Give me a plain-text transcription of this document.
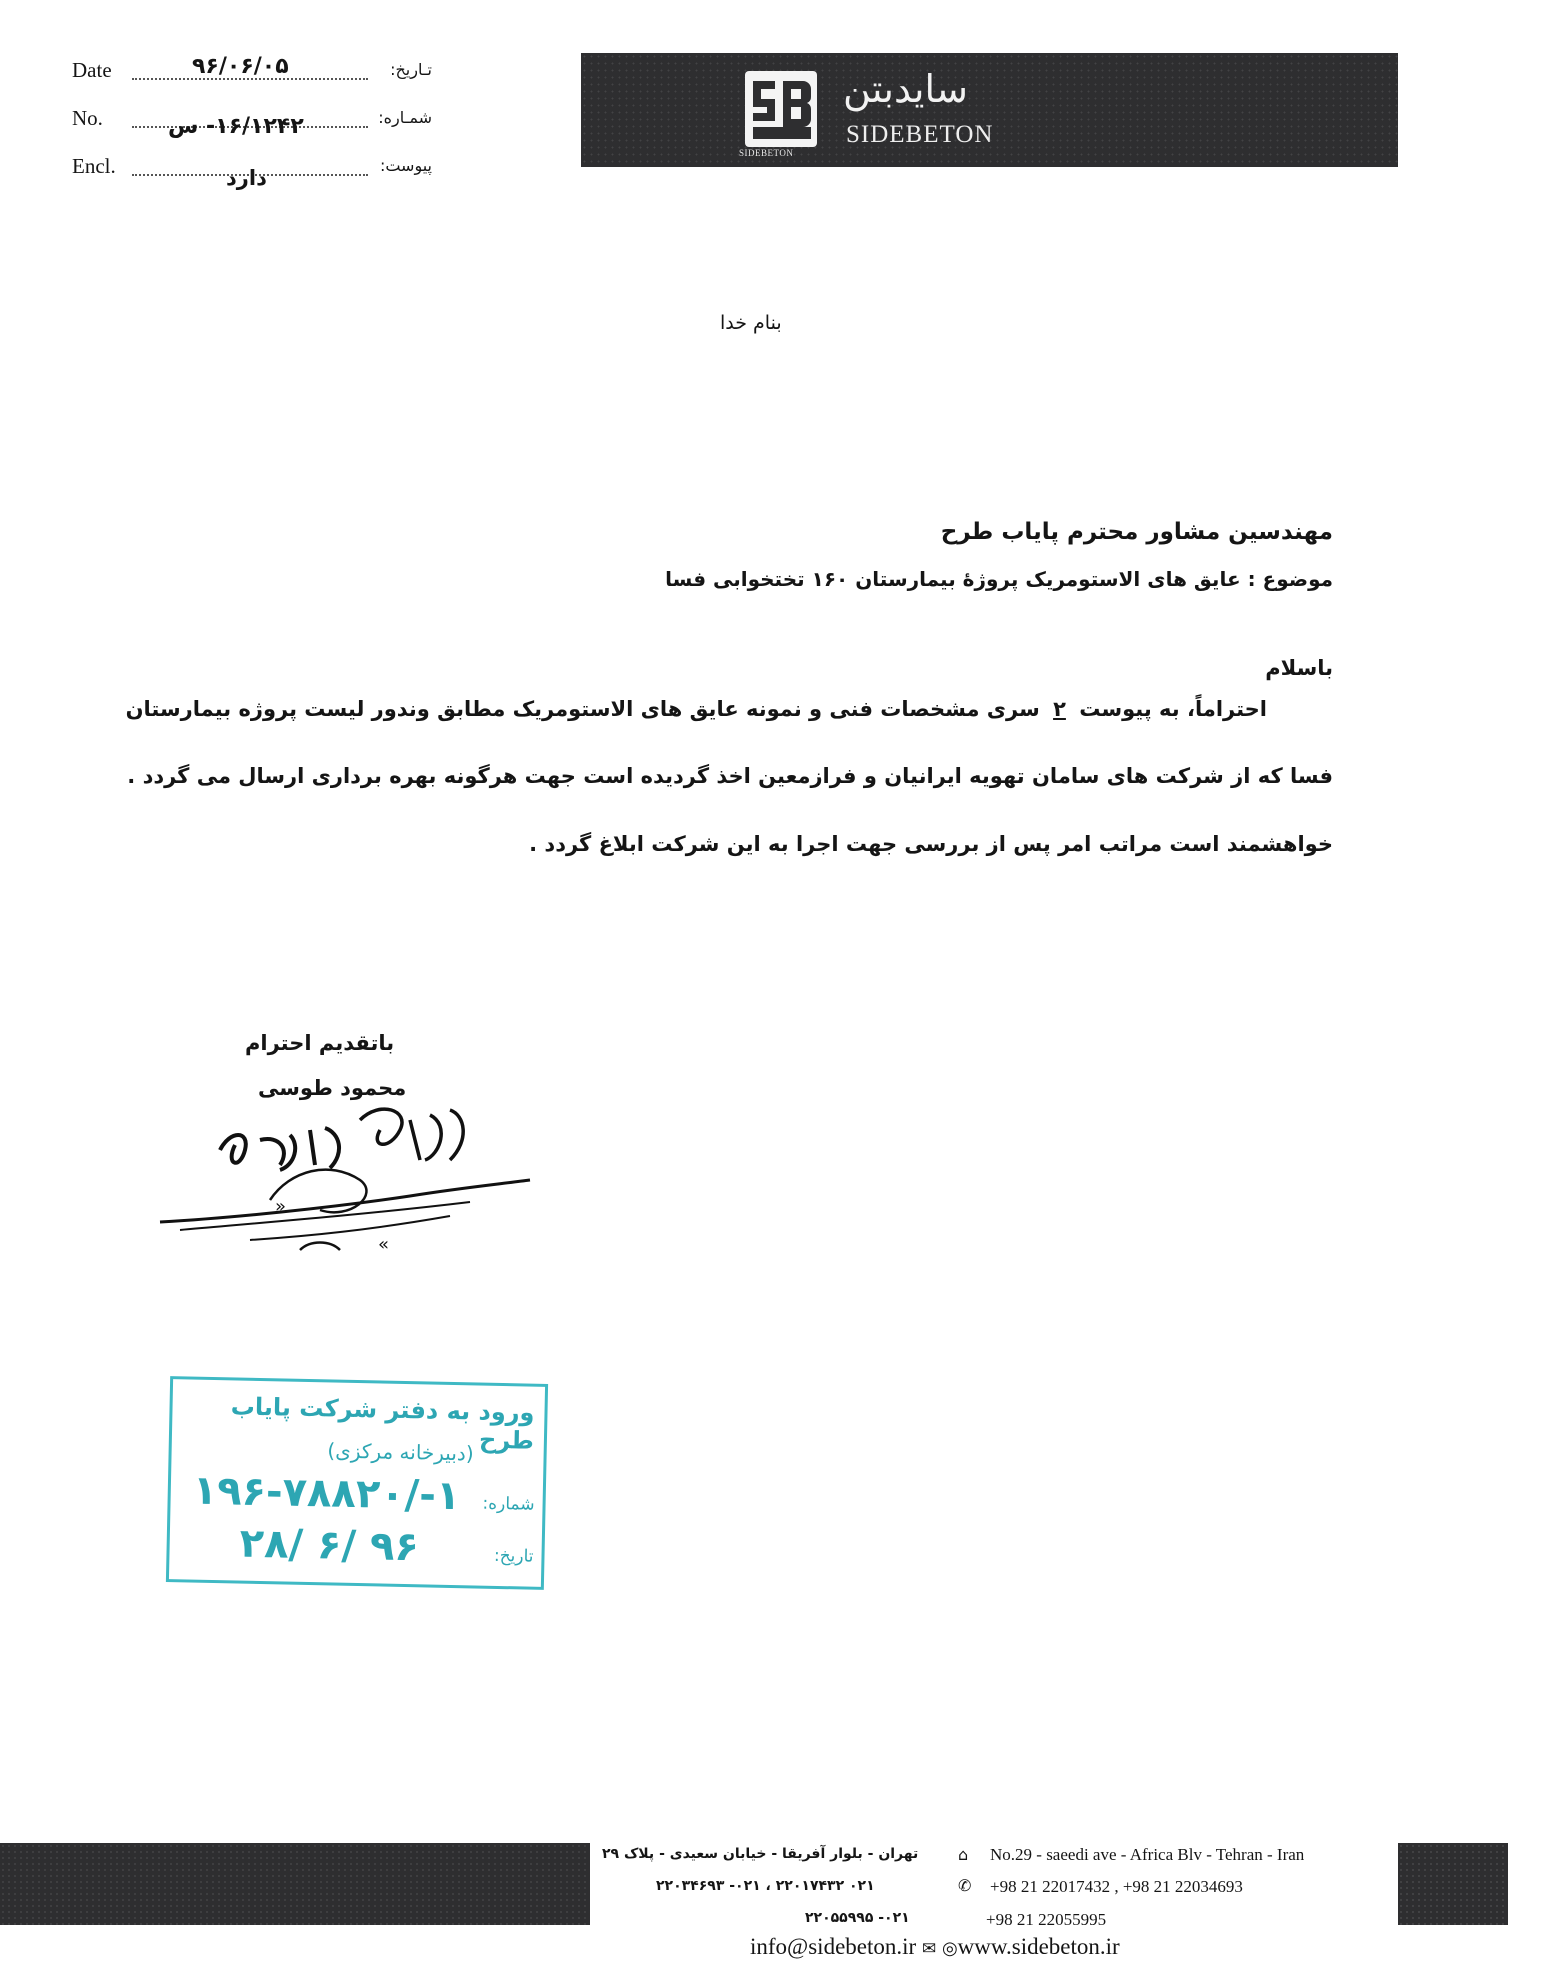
Date	تـاریخ:
۹۶/۰۶/۰۵
No.	شمـاره:
۱۶/۱۲۴۲- س
Encl.	پیوست:
دارد
SIDEBETON
سایدبتن
SIDEBETON
بنام خدا
مهندسین مشاور محترم پایاب طرح
موضوع : عایق های الاستومریک پروژۀ بیمارستان ۱۶۰ تختخوابی فسا
باسلام
احتراماً، به پیوست ۲ سری مشخصات فنی و نمونه عایق های الاستومریک مطابق وندور لیست پروژه بیمارستان
فسا که از شرکت های سامان تهویه ایرانیان و فرازمعین اخذ گردیده است جهت هرگونه بهره برداری ارسال می گردد .
خواهشمند است مراتب امر پس از بررسی جهت اجرا به این شرکت ابلاغ گردد .
باتقدیم احترام
محمود طوسی
«
»
ورود به دفتر شرکت پایاب طرح
(دبیرخانه مرکزی)
۱-/۱۹۶-۷۸۸۲۰ شماره:
۹۶ /۶ /۲۸	تاریخ:
تهران - بلوار آفریقا - خیابان سعیدی - پلاک ۲۹ ⌂ No.29 - saeedi ave - Africa Blv - Tehran - Iran
۰۲۱ ۲۲۰۱۷۴۳۲ ، ۰۲۱- ۲۲۰۳۴۶۹۳	✆ +98 21 22017432 , +98 21 22034693
۰۲۱- ۲۲۰۵۵۹۹۵	+98 21 22055995
info@sidebeton.ir ✉ ◎www.sidebeton.ir
